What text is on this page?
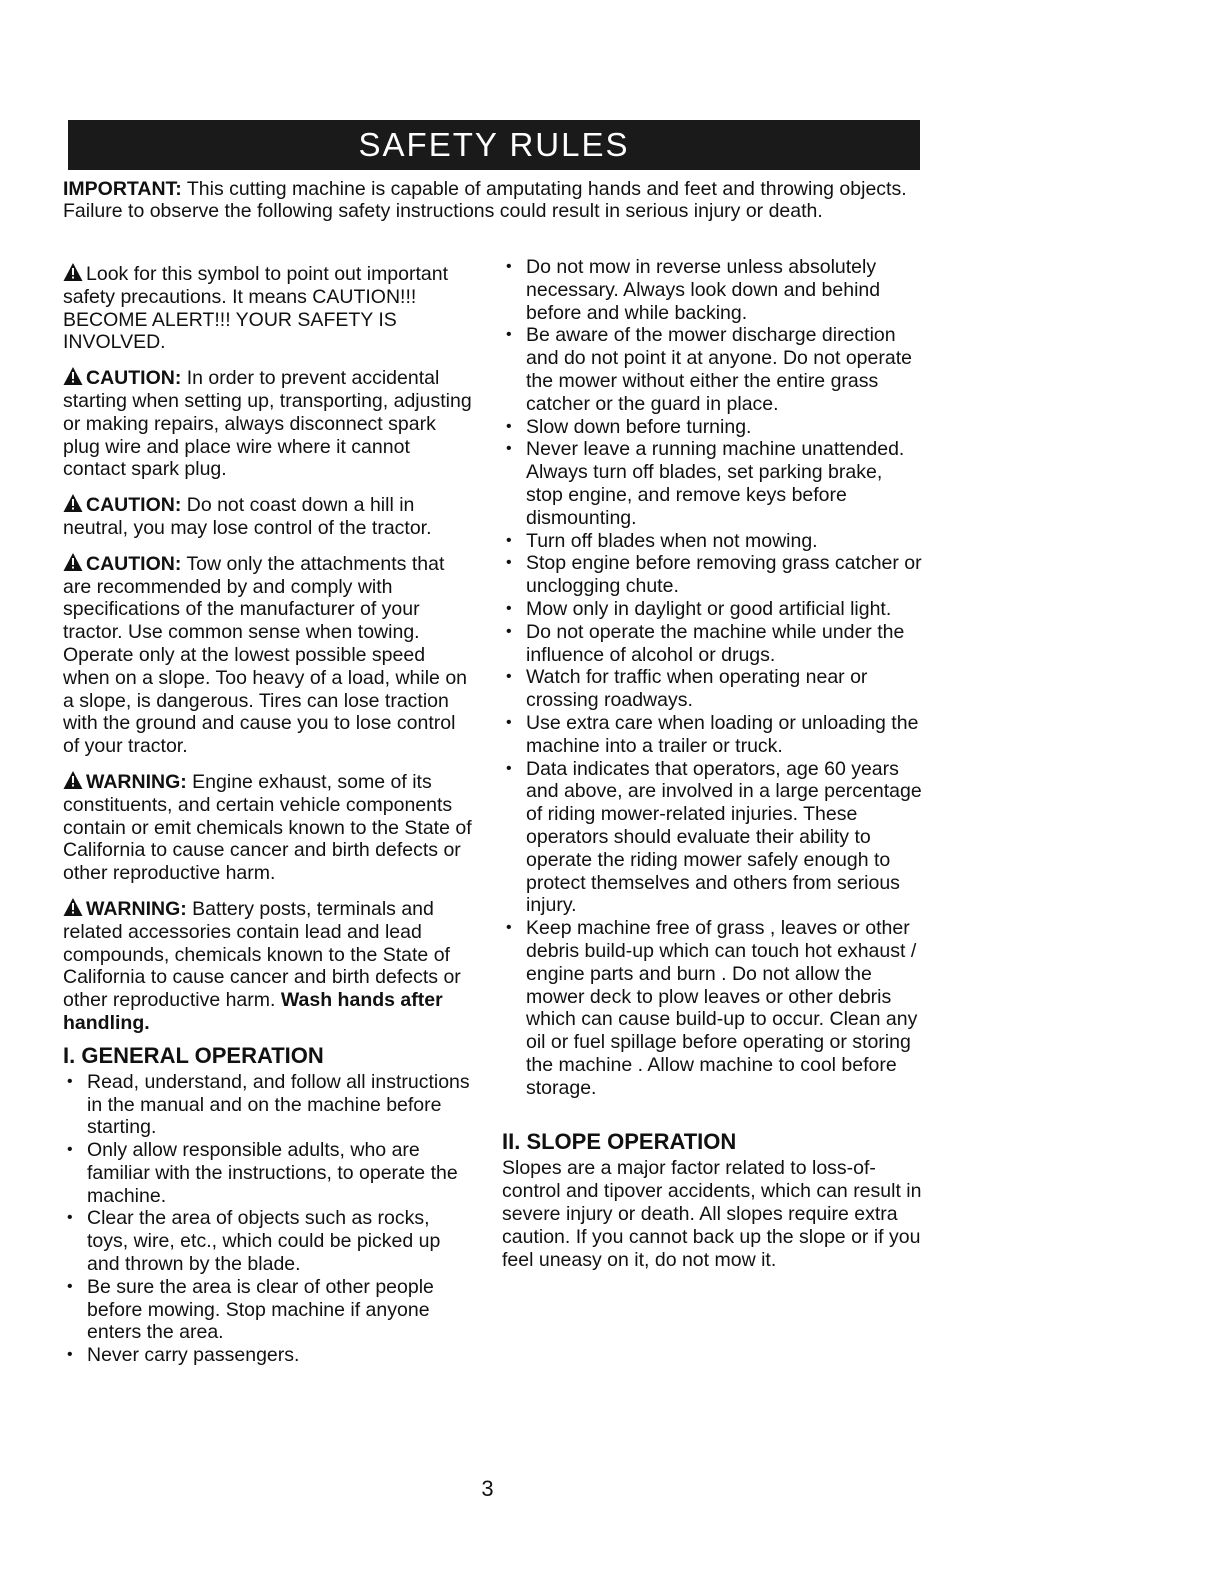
SAFETY RULES
IMPORTANT: This cutting machine is capable of amputating hands and feet and throwing objects. Failure to observe the following safety instructions could result in serious injury or death.

Look for this symbol to point out important safety precautions. It means CAUTION!!! BECOME ALERT!!! YOUR SAFETY IS INVOLVED.

CAUTION: In order to prevent accidental starting when setting up, transporting, adjusting or making repairs, always disconnect spark plug wire and place wire where it cannot contact spark plug.

CAUTION: Do not coast down a hill in neutral, you may lose control of the tractor.

CAUTION: Tow only the attachments that are recommended by and comply with specifications of the manufacturer of your tractor. Use common sense when towing. Operate only at the lowest possible speed when on a slope. Too heavy of a load, while on a slope, is dangerous. Tires can lose traction with the ground and cause you to lose control of your tractor.

WARNING: Engine exhaust, some of its constituents, and certain vehicle components contain or emit chemicals known to the State of California to cause cancer and birth defects or other reproductive harm.

WARNING: Battery posts, terminals and related accessories contain lead and lead compounds, chemicals known to the State of California to cause cancer and birth defects or other reproductive harm. Wash hands after handling.

I. GENERAL OPERATION
• Read, understand, and follow all instructions in the manual and on the machine before starting.
• Only allow responsible adults, who are familiar with the instructions, to operate the machine.
• Clear the area of objects such as rocks, toys, wire, etc., which could be picked up and thrown by the blade.
• Be sure the area is clear of other people before mowing. Stop machine if anyone enters the area.
• Never carry passengers.
• Do not mow in reverse unless absolutely necessary. Always look down and behind before and while backing.
• Be aware of the mower discharge direction and do not point it at anyone. Do not operate the mower without either the entire grass catcher or the guard in place.
• Slow down before turning.
• Never leave a running machine unattended. Always turn off blades, set parking brake, stop engine, and remove keys before dismounting.
• Turn off blades when not mowing.
• Stop engine before removing grass catcher or unclogging chute.
• Mow only in daylight or good artificial light.
• Do not operate the machine while under the influence of alcohol or drugs.
• Watch for traffic when operating near or crossing roadways.
• Use extra care when loading or unloading the machine into a trailer or truck.
• Data indicates that operators, age 60 years and above, are involved in a large percentage of riding mower-related injuries. These operators should evaluate their ability to operate the riding mower safely enough to protect themselves and others from serious injury.
• Keep machine free of grass , leaves or other debris build-up which can touch hot exhaust / engine parts and burn . Do not allow the mower deck to plow leaves or other debris which can cause build-up to occur. Clean any oil or fuel spillage before operating or storing the machine . Allow machine to cool before storage.
II. SLOPE OPERATION

Slopes are a major factor related to loss-of-control and tipover accidents, which can result in severe injury or death. All slopes require extra caution. If you cannot back up the slope or if you feel uneasy on it, do not mow it.

3
